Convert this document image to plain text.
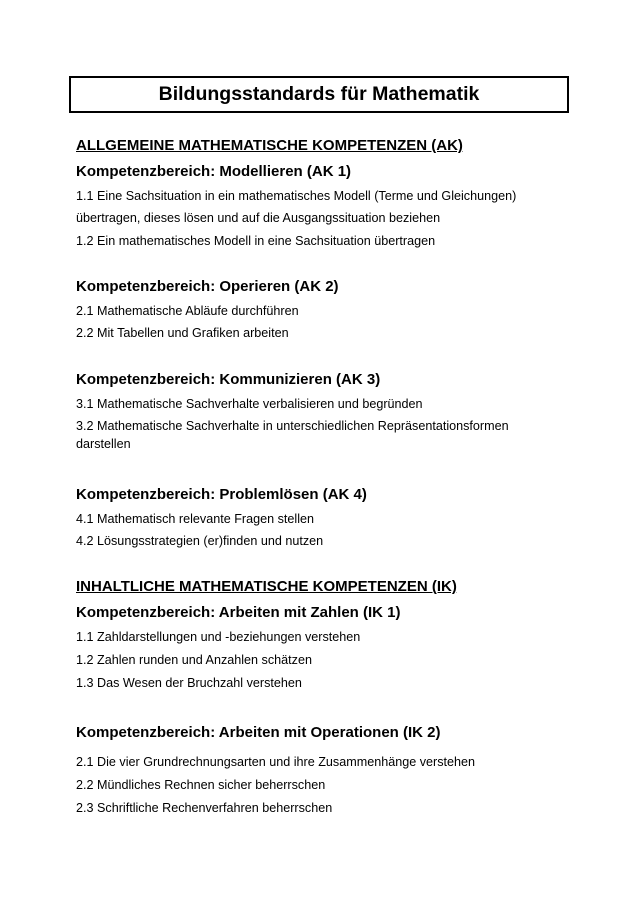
Bildungsstandards für Mathematik
ALLGEMEINE MATHEMATISCHE KOMPETENZEN (AK)
Kompetenzbereich: Modellieren (AK 1)
1.1 Eine Sachsituation in ein mathematisches Modell (Terme und Gleichungen)
übertragen, dieses lösen und auf die Ausgangssituation beziehen
1.2 Ein mathematisches Modell in eine Sachsituation übertragen
Kompetenzbereich: Operieren (AK 2)
2.1 Mathematische Abläufe durchführen
2.2 Mit Tabellen und Grafiken arbeiten
Kompetenzbereich: Kommunizieren (AK 3)
3.1 Mathematische Sachverhalte verbalisieren und begründen
3.2 Mathematische Sachverhalte in unterschiedlichen Repräsentationsformen
darstellen
Kompetenzbereich: Problemlösen (AK 4)
4.1 Mathematisch relevante Fragen stellen
4.2 Lösungsstrategien (er)finden und nutzen
INHALTLICHE MATHEMATISCHE KOMPETENZEN (IK)
Kompetenzbereich: Arbeiten mit Zahlen (IK 1)
1.1 Zahldarstellungen und -beziehungen verstehen
1.2 Zahlen runden und Anzahlen schätzen
1.3 Das Wesen der Bruchzahl verstehen
Kompetenzbereich: Arbeiten mit Operationen (IK 2)
2.1 Die vier Grundrechnungsarten und ihre Zusammenhänge verstehen
2.2 Mündliches Rechnen sicher beherrschen
2.3 Schriftliche Rechenverfahren beherrschen
